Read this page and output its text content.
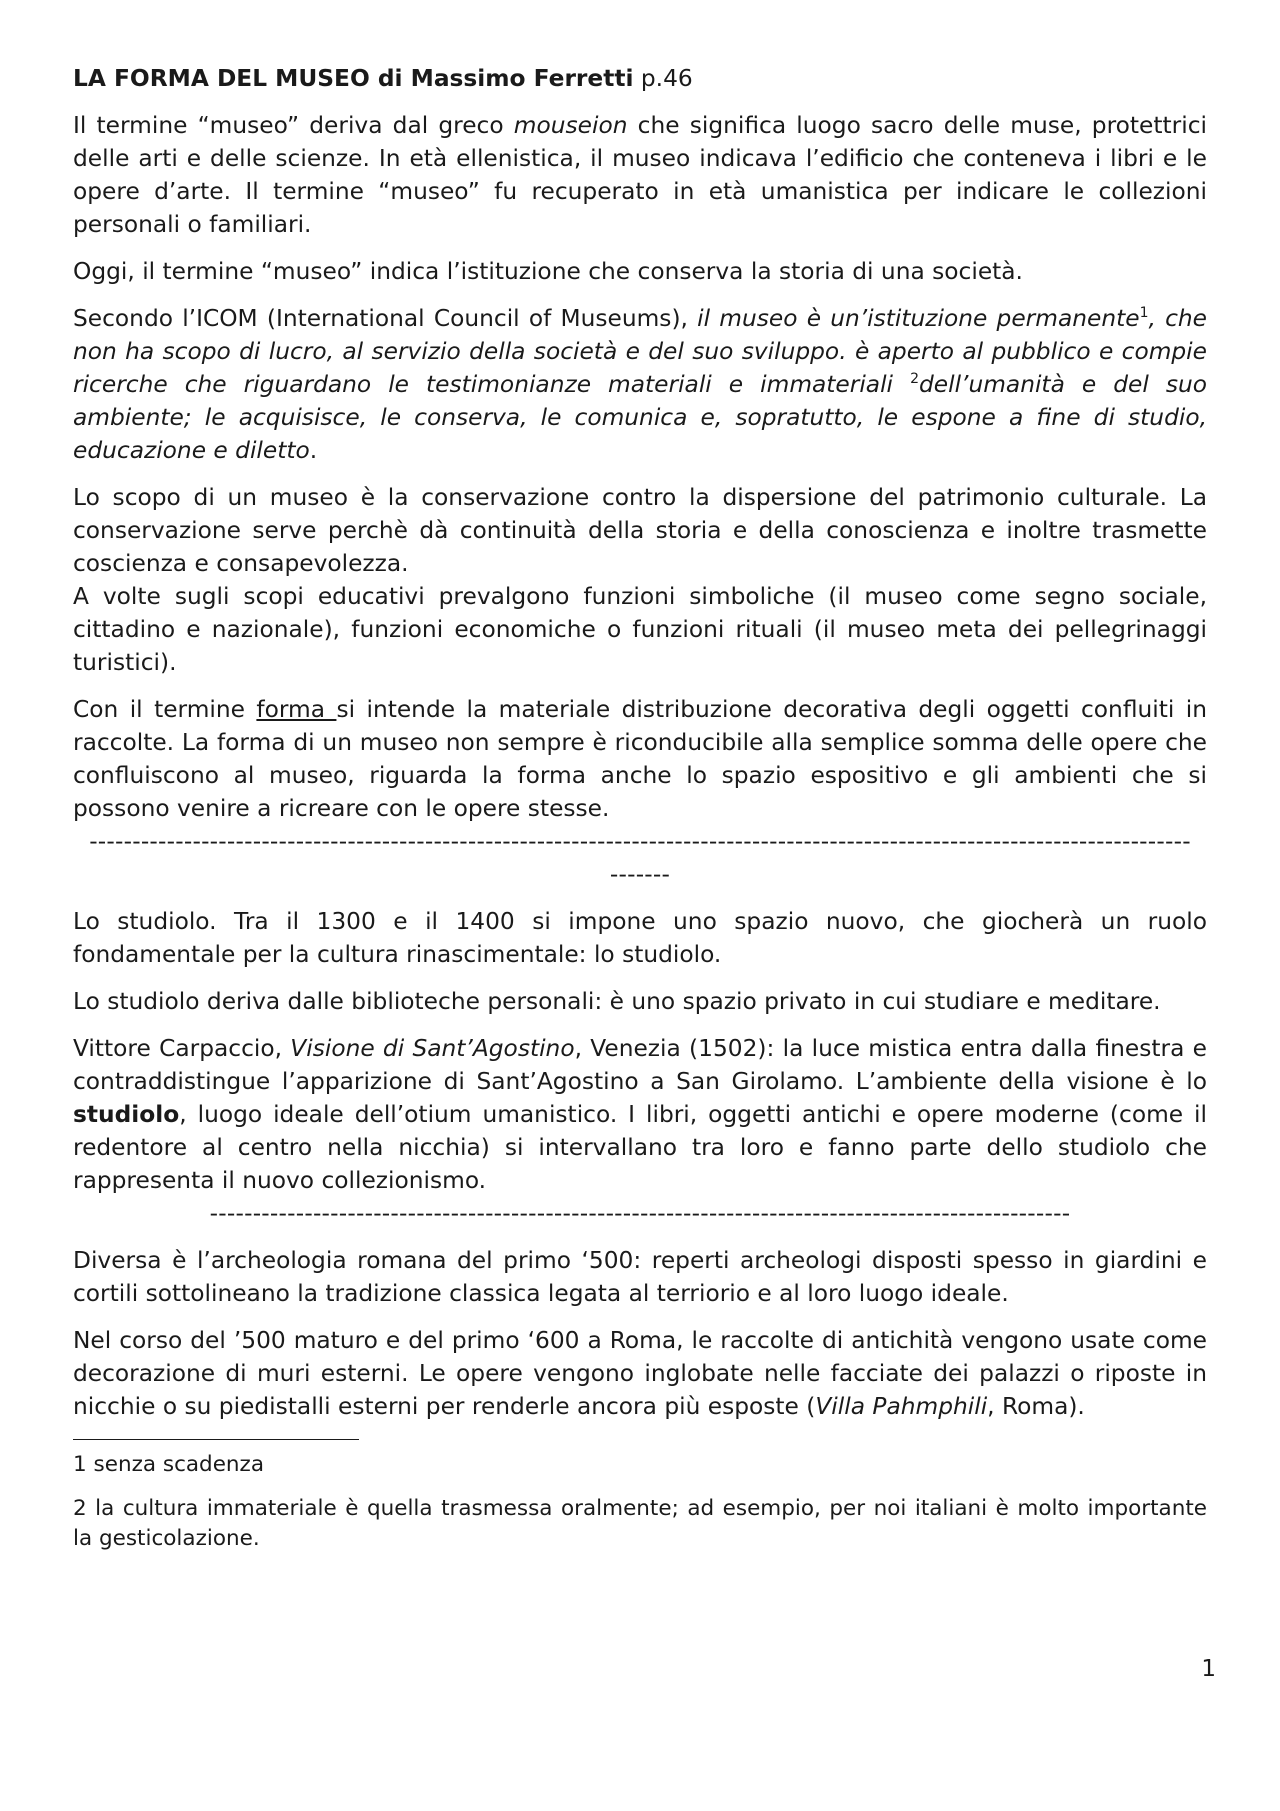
LA FORMA DEL MUSEO di Massimo Ferretti p.46

Il termine “museo” deriva dal greco mouseion che significa luogo sacro delle muse, protettrici delle arti e delle scienze. In età ellenistica, il museo indicava l’edificio che conteneva i libri e le opere d’arte. Il termine “museo” fu recuperato in età umanistica per indicare le collezioni personali o familiari.

Oggi, il termine “museo” indica l’istituzione che conserva la storia di una società.

Secondo l’ICOM (International Council of Museums), il museo è un’istituzione permanente$^1$, che non ha scopo di lucro, al servizio della società e del suo sviluppo. è aperto al pubblico e compie ricerche che riguardano le testimonianze materiali e immateriali $^2$dell’umanità e del suo ambiente; le acquisisce, le conserva, le comunica e, sopratutto, le espone a fine di studio, educazione e diletto.

Lo scopo di un museo è la conservazione contro la dispersione del patrimonio culturale. La conservazione serve perchè dà continuità della storia e della conoscienza e inoltre trasmette coscienza e consapevolezza.

A volte sugli scopi educativi prevalgono funzioni simboliche (il museo come segno sociale, cittadino e nazionale), funzioni economiche o funzioni rituali (il museo meta dei pellegrinaggi turistici).

Con il termine forma si intende la materiale distribuzione decorativa degli oggetti confluiti in raccolte. La forma di un museo non sempre è riconducibile alla semplice somma delle opere che confluiscono al museo, riguarda la forma anche lo spazio espositivo e gli ambienti che si possono venire a ricreare con le opere stesse.

--------------------------------------------------------------------------------------------------------------------------------
-------

Lo studiolo. Tra il 1300 e il 1400 si impone uno spazio nuovo, che giocherà un ruolo fondamentale per la cultura rinascimentale: lo studiolo.

Lo studiolo deriva dalle biblioteche personali: è uno spazio privato in cui studiare e meditare.

Vittore Carpaccio, Visione di Sant’Agostino, Venezia (1502): la luce mistica entra dalla finestra e contraddistingue l’apparizione di Sant’Agostino a San Girolamo. L’ambiente della visione è lo studiolo, luogo ideale dell’otium umanistico. I libri, oggetti antichi e opere moderne (come il redentore al centro nella nicchia) si intervallano tra loro e fanno parte dello studiolo che rappresenta il nuovo collezionismo.

----------------------------------------------------------------------------------------------------

Diversa è l’archeologia romana del primo ‘500: reperti archeologi disposti spesso in giardini e cortili sottolineano la tradizione classica legata al terriorio e al loro luogo ideale.

Nel corso del ’500 maturo e del primo ‘600 a Roma, le raccolte di antichità vengono usate come decorazione di muri esterni. Le opere vengono inglobate nelle facciate dei palazzi o riposte in nicchie o su piedistalli esterni per renderle ancora più esposte (Villa Pahmphili, Roma).

1 senza scadenza

2 la cultura immateriale è quella trasmessa oralmente; ad esempio, per noi italiani è molto importante la gesticolazione.

1
